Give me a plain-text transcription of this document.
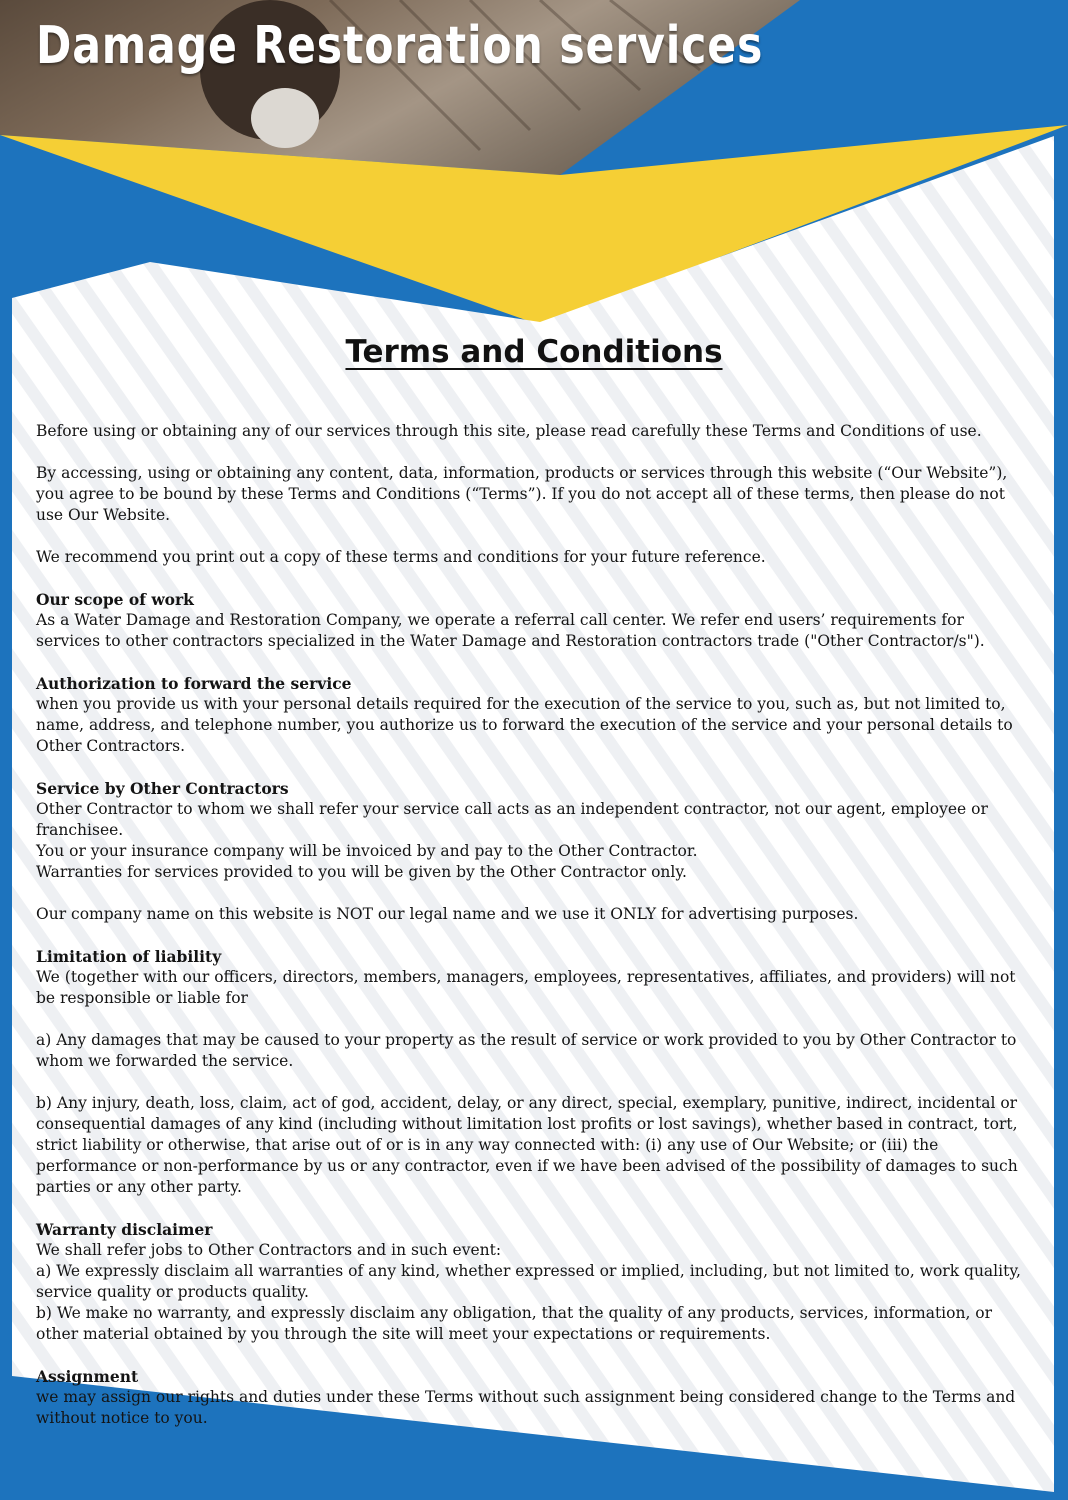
Damage Restoration services
Terms and Conditions

Before using or obtaining any of our services through this site, please read carefully these Terms and Conditions of use.

By accessing, using or obtaining any content, data, information, products or services through this website (“Our Website”), you agree to be bound by these Terms and Conditions (“Terms”). If you do not accept all of these terms, then please do not use Our Website.

We recommend you print out a copy of these terms and conditions for your future reference.

Our scope of work
As a Water Damage and Restoration Company, we operate a referral call center. We refer end users’ requirements for services to other contractors specialized in the Water Damage and Restoration contractors trade ("Other Contractor/s").

Authorization to forward the service
when you provide us with your personal details required for the execution of the service to you, such as, but not limited to, name, address, and telephone number, you authorize us to forward the execution of the service and your personal details to Other Contractors.

Service by Other Contractors
Other Contractor to whom we shall refer your service call acts as an independent contractor, not our agent, employee or franchisee.
You or your insurance company will be invoiced by and pay to the Other Contractor.
Warranties for services provided to you will be given by the Other Contractor only.

Our company name on this website is NOT our legal name and we use it ONLY for advertising purposes.

Limitation of liability
We (together with our officers, directors, members, managers, employees, representatives, affiliates, and providers) will not be responsible or liable for

a) Any damages that may be caused to your property as the result of service or work provided to you by Other Contractor to whom we forwarded the service.

b) Any injury, death, loss, claim, act of god, accident, delay, or any direct, special, exemplary, punitive, indirect, incidental or consequential damages of any kind (including without limitation lost profits or lost savings), whether based in contract, tort, strict liability or otherwise, that arise out of or is in any way connected with: (i) any use of Our Website; or (iii) the performance or non-performance by us or any contractor, even if we have been advised of the possibility of damages to such parties or any other party.

Warranty disclaimer
We shall refer jobs to Other Contractors and in such event:
a) We expressly disclaim all warranties of any kind, whether expressed or implied, including, but not limited to, work quality, service quality or products quality.
b) We make no warranty, and expressly disclaim any obligation, that the quality of any products, services, information, or other material obtained by you through the site will meet your expectations or requirements.

Assignment
we may assign our rights and duties under these Terms without such assignment being considered change to the Terms and without notice to you.
